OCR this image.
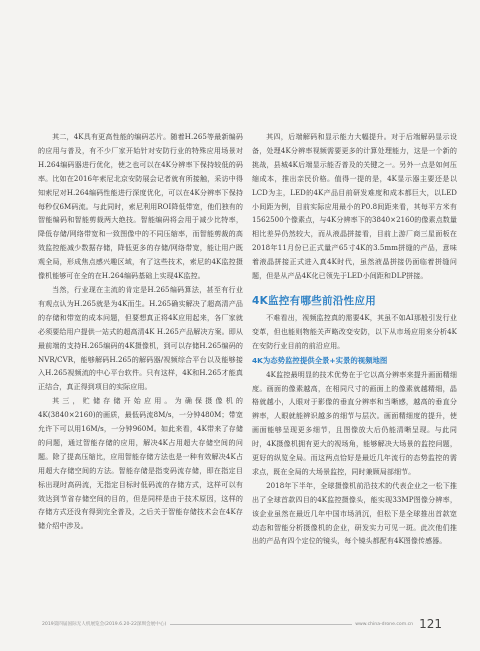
其二，4K具有更高性能的编码芯片。随着H.265等最新编码的应用与普及，有不少厂家开始针对安防行业的特殊应用场景对H.264编码器进行优化，使之也可以在4K分辨率下保持较低的码率。比如在2016年索尼北京安防展会记者就有所接触，采访中得知索尼对H.264编码性能进行深度优化，可以在4K分辨率下保持每秒仅6M码流。与此同时，索尼利用ROI降低带宽，他们独有的智能编码和智能剪裁两大绝技。智能编码将会用于减少比特率，降低存储/网络带宽和一致图像中的不同压缩率，而智能剪裁的高效监控能减少数据存储，降低更多的存储/网络带宽，能让用户既观全局，形成焦点感兴趣区域，有了这些技术，索尼的4K监控摄像机能够可在全的在H.264编码基础上实现4K监控。

当然，行业现在主流的肯定是H.265编码算法，甚至有行业有观点认为H.265就是为4K而生。H.265确实解决了超高清产品的存储和带宽的成本问题，但要想真正将4K应用起来，各厂家就必须要给用户提供一站式的超高清4K H.265产品解决方案。即从最前端的支持H.265编码的4K摄像机，到可以存储H.265编码的NVR/CVR，能够解码H.265的解码器/视频综合平台以及能够接入H.265视频流的中心平台软件。只有这样，4K和H.265才能真正结合，真正得到项目的实际应用。

其三，贮储存储开始应用。为确保摄像机的4K(3840×2160)的画质，最低码流8M/s，一分钟480M；带宽允许下可以用16M/s，一分钟960M。如此来看，4K带来了存储的问题，通过智能存储的应用，解决4K占用超大存储空间的问题。除了提高压缩比，应用智能存储方法也是一种有效解决4K占用超大存储空间的方法。智能存储是指变码流存储，即在指定目标出现时高码流，无指定目标时低码流的存储方式，这样可以有效达到节省存储空间的目的，但是同样是由于技术原因，这样的存储方式还没有得到完全普及，之后关于智能存储技术会在4K存储介绍中涉及。

其四，后端解码和显示能力大幅提升。对于后端解码显示设备，处理4K分辨率视频需要更多的计算处理能力，这是一个新的挑战，县城4K后端显示能否普及的关键之一。另外一点是如何压缩成本，推出亲民价格。值得一提的是，4K显示器主要还是以LCD为主，LED的4K产品目前研发难度和成本都巨大，以LED小间距为例，目前实际应用最小的P0.8间距来看，其每平方米有1562500个像素点，与4K分辨率下的3840×2160的像素点数量相比差异仍然较大，而从液晶拼接看，目前上游厂商三星面板在2018年11月份已正式量产65寸4K的3.5mm拼缝的产品，意味着液晶拼接正式进入真4K时代，虽然液晶拼接仍面临着拼缝问题，但是从产品4K化已领先于LED小间距和DLP拼接。

4K监控有哪些前沿性应用

不难看出，视频监控真的需要4K，其虽不如AI那般引发行业变革，但也能则物能关声略改变安防，以下从市场应用来分析4K在安防行业目前的前沿应用。

4K为态势监控提供全景+实景的视频地图

4K监控最明显的技术优势在于它以高分辨率来提升画面精细度。画面的像素越高，在相同尺寸的画面上的像素就越精细，晶格就越小，人眼对于影像的垂直分辨率和当晰感，越高的垂直分辨率，人眼就能辨识越多的细节与层次。画面精细度的提升，使画面能够呈现更多细节，且图像放大后仍能清晰呈现。与此同时，4K摄像机拥有更大的视场角，能够解决大场景的监控问题，更好的纵览全局。而这两点恰好是最近几年流行的态势监控的需求点，既在全局的大场景监控，同时兼顾局部细节。

2018年下半年，全球摄像机前沿技术的代表企业之一松下推出了全球首款四目的4K监控摄像头，能实现33MP图像分辨率，该企业虽然在最近几年中国市场消沉，但松下是全球推出首款宽动态和智能分析摄像机的企业，研发实力可见一斑。此次他们推出的产品有四个定位的镜头，每个镜头都配有4K图像传感器。

2019第四届国际无人机展览会(2019.6.20-22深圳会展中心)	www.china-drone.com.cn 121
